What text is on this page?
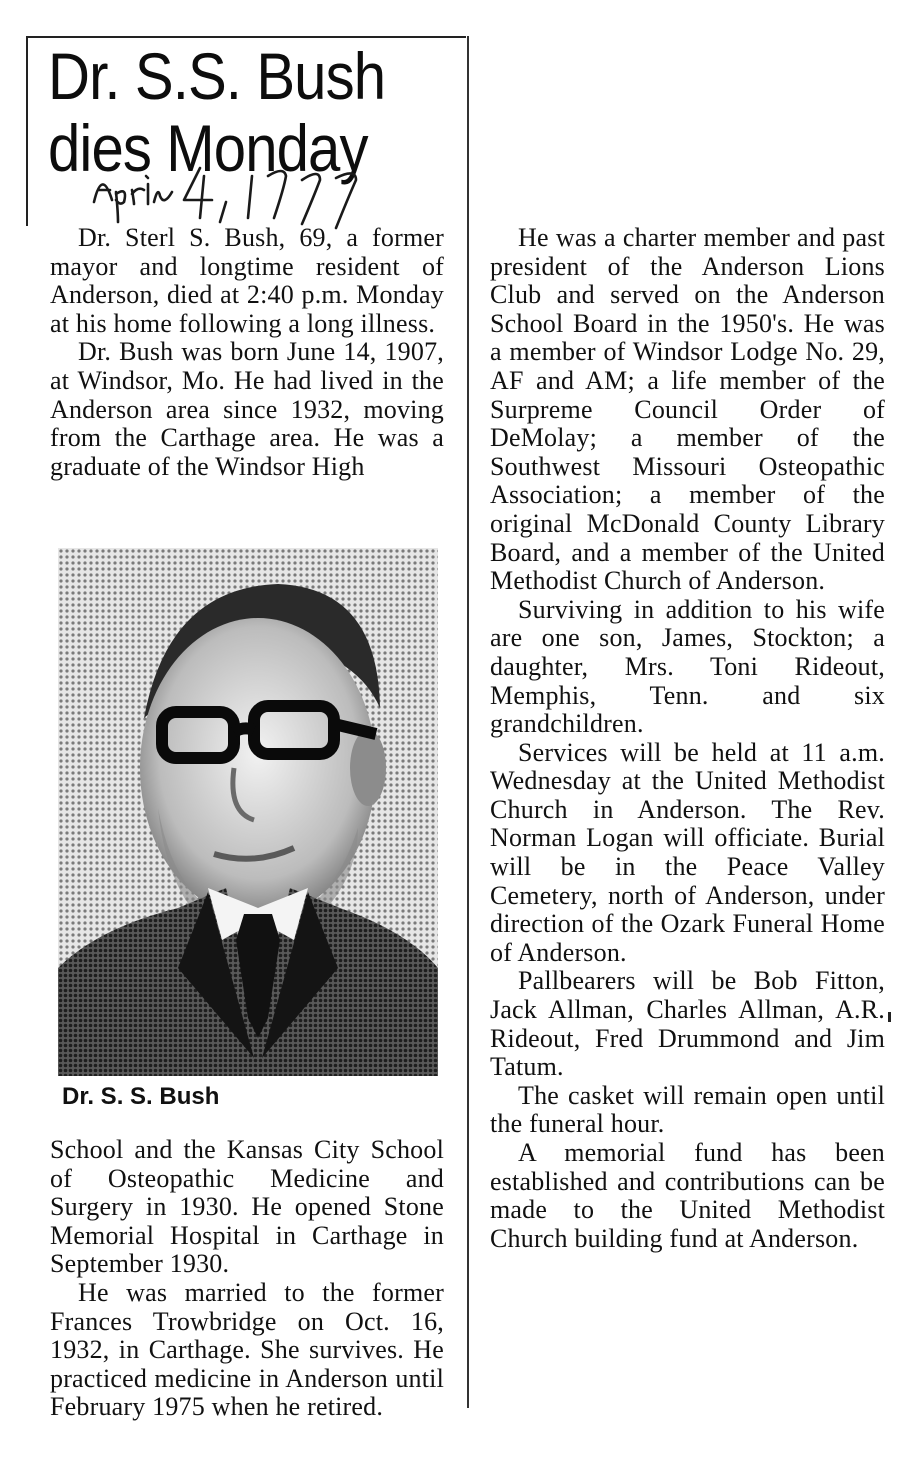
Dr. S.S. Bush
dies Monday

Dr. Sterl S. Bush, 69, a former mayor and longtime resident of Anderson, died at 2:40 p.m. Monday at his home following a long illness.

Dr. Bush was born June 14, 1907, at Windsor, Mo. He had lived in the Anderson area since 1932, moving from the Carthage area. He was a graduate of the Windsor High

Dr. S. S. Bush

School and the Kansas City School of Osteopathic Medicine and Surgery in 1930. He opened Stone Memorial Hospital in Carthage in September 1930.

He was married to the former Frances Trowbridge on Oct. 16, 1932, in Carthage. She survives. He practiced medicine in Anderson until February 1975 when he retired.

He was a charter member and past president of the Anderson Lions Club and served on the Anderson School Board in the 1950's. He was a member of Windsor Lodge No. 29, AF and AM; a life member of the Surpreme Council Order of DeMolay; a member of the Southwest Missouri Osteopathic Association; a member of the original McDonald County Library Board, and a member of the United Methodist Church of Anderson.

Surviving in addition to his wife are one son, James, Stockton; a daughter, Mrs. Toni Rideout, Memphis, Tenn. and six grandchildren.

Services will be held at 11 a.m. Wednesday at the United Methodist Church in Anderson. The Rev. Norman Logan will officiate. Burial will be in the Peace Valley Cemetery, north of Anderson, under direction of the Ozark Funeral Home of Anderson.

Pallbearers will be Bob Fitton, Jack Allman, Charles Allman, A.R. Rideout, Fred Drummond and Jim Tatum.

The casket will remain open until the funeral hour.

A memorial fund has been established and contributions can be made to the United Methodist Church building fund at Anderson.
